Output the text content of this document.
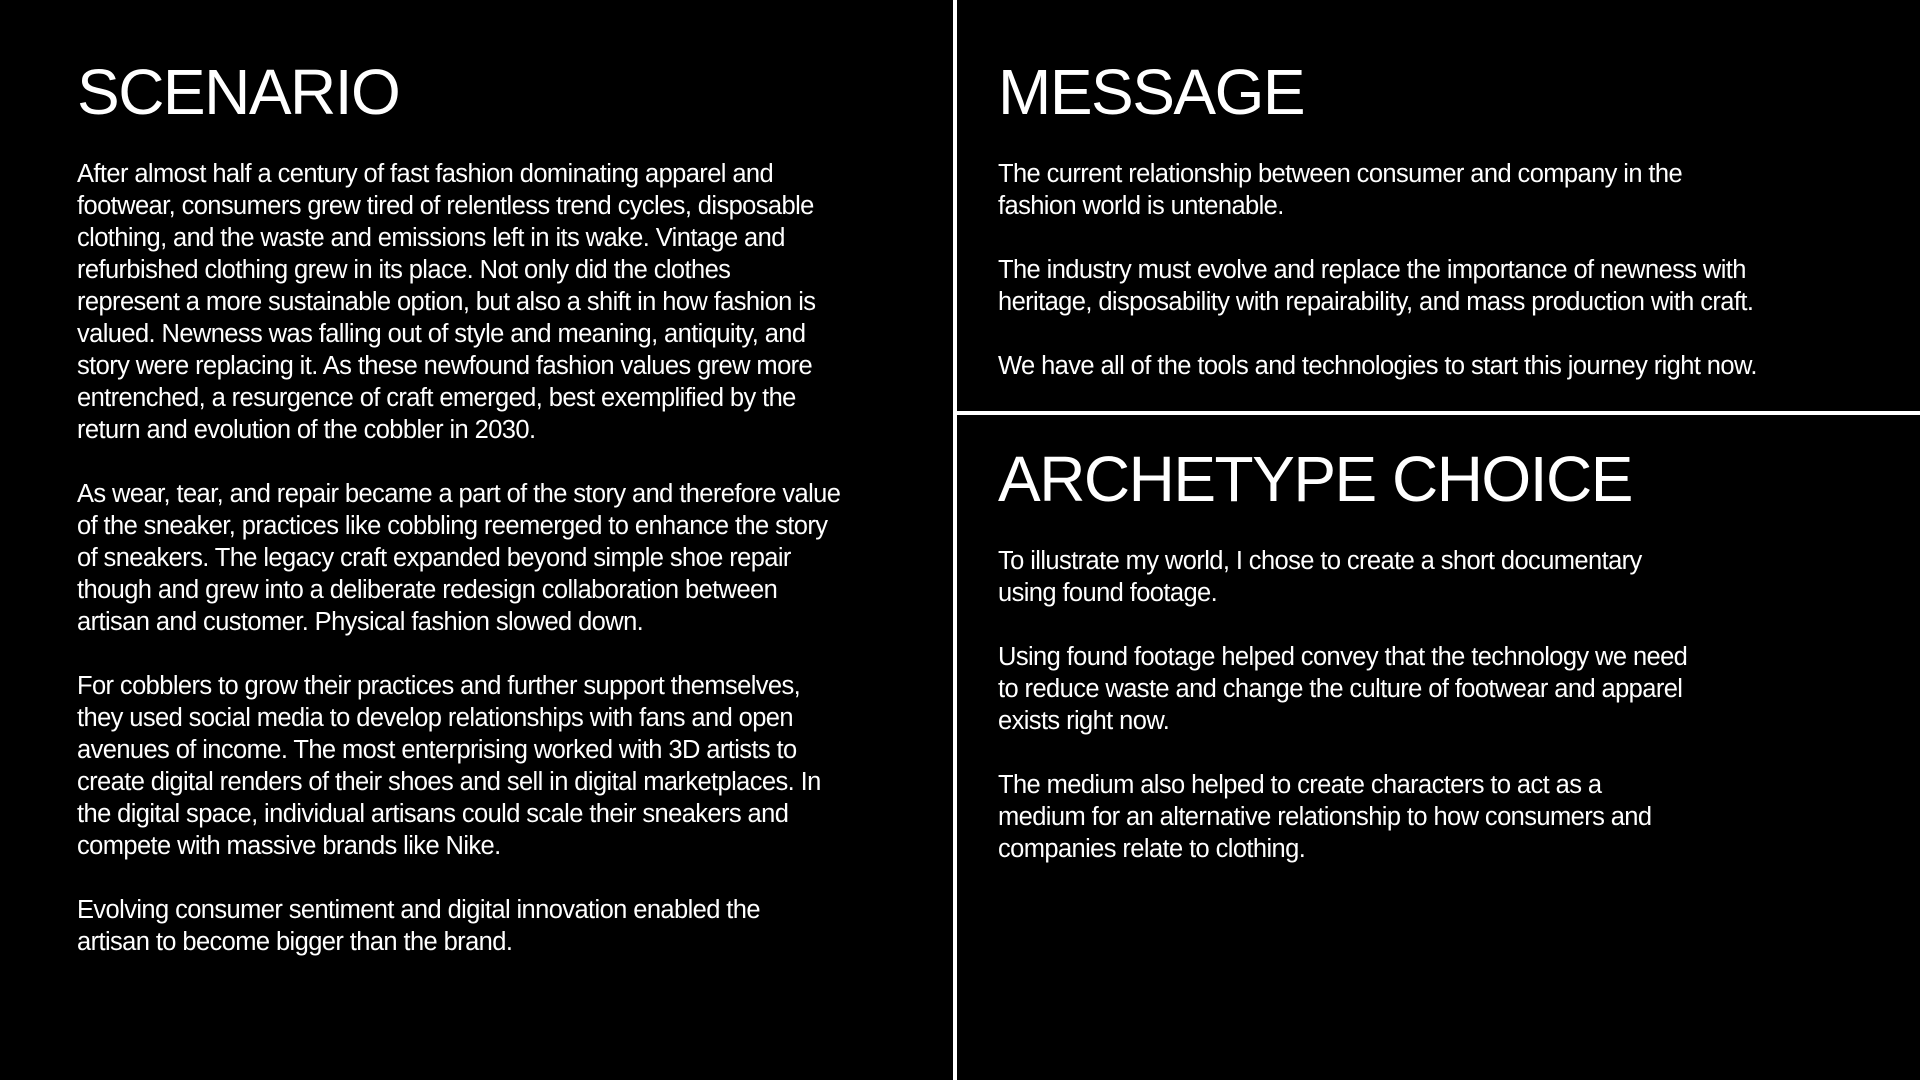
SCENARIO

After almost half a century of fast fashion dominating apparel and
footwear, consumers grew tired of relentless trend cycles, disposable
clothing, and the waste and emissions left in its wake. Vintage and
refurbished clothing grew in its place. Not only did the clothes
represent a more sustainable option, but also a shift in how fashion is
valued. Newness was falling out of style and meaning, antiquity, and
story were replacing it. As these newfound fashion values grew more
entrenched, a resurgence of craft emerged, best exemplified by the
return and evolution of the cobbler in 2030.

As wear, tear, and repair became a part of the story and therefore value
of the sneaker, practices like cobbling reemerged to enhance the story
of sneakers. The legacy craft expanded beyond simple shoe repair
though and grew into a deliberate redesign collaboration between
artisan and customer. Physical fashion slowed down.

For cobblers to grow their practices and further support themselves,
they used social media to develop relationships with fans and open
avenues of income. The most enterprising worked with 3D artists to
create digital renders of their shoes and sell in digital marketplaces. In
the digital space, individual artisans could scale their sneakers and
compete with massive brands like Nike.

Evolving consumer sentiment and digital innovation enabled the
artisan to become bigger than the brand.

MESSAGE

The current relationship between consumer and company in the
fashion world is untenable.

The industry must evolve and replace the importance of newness with
heritage, disposability with repairability, and mass production with craft.

We have all of the tools and technologies to start this journey right now.

ARCHETYPE CHOICE

To illustrate my world, I chose to create a short documentary
using found footage.

Using found footage helped convey that the technology we need
to reduce waste and change the culture of footwear and apparel
exists right now.

The medium also helped to create characters to act as a
medium for an alternative relationship to how consumers and
companies relate to clothing.
